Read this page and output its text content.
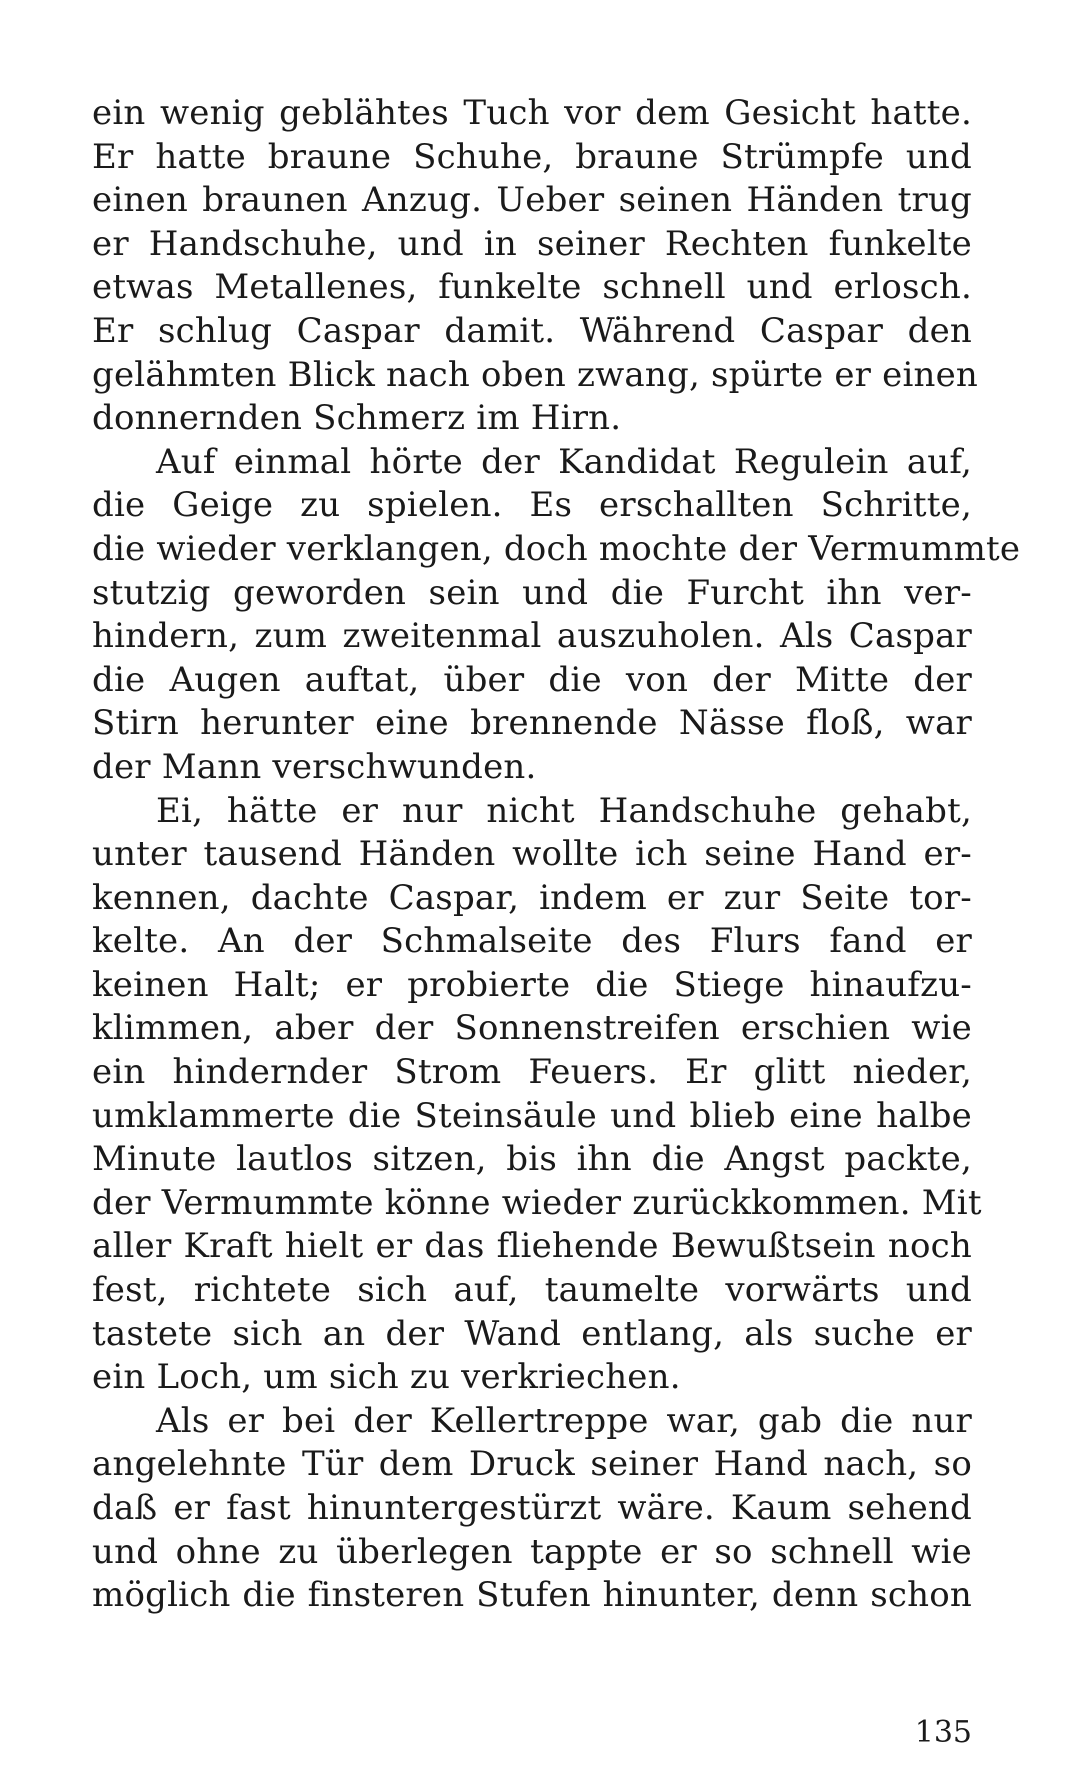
ein wenig geblähtes Tuch vor dem Gesicht hatte.
Er hatte braune Schuhe, braune Strümpfe und
einen braunen Anzug. Ueber seinen Händen trug
er Handschuhe, und in seiner Rechten funkelte
etwas Metallenes, funkelte schnell und erlosch.
Er schlug Caspar damit. Während Caspar den
gelähmten Blick nach oben zwang, spürte er einen
donnernden Schmerz im Hirn.
Auf einmal hörte der Kandidat Regulein auf,
die Geige zu spielen. Es erschallten Schritte,
die wieder verklangen, doch mochte der Vermummte
stutzig geworden sein und die Furcht ihn ver-
hindern, zum zweitenmal auszuholen. Als Caspar
die Augen auftat, über die von der Mitte der
Stirn herunter eine brennende Nässe floß, war
der Mann verschwunden.
Ei, hätte er nur nicht Handschuhe gehabt,
unter tausend Händen wollte ich seine Hand er-
kennen, dachte Caspar, indem er zur Seite tor-
kelte. An der Schmalseite des Flurs fand er
keinen Halt; er probierte die Stiege hinaufzu-
klimmen, aber der Sonnenstreifen erschien wie
ein hindernder Strom Feuers. Er glitt nieder,
umklammerte die Steinsäule und blieb eine halbe
Minute lautlos sitzen, bis ihn die Angst packte,
der Vermummte könne wieder zurückkommen. Mit
aller Kraft hielt er das fliehende Bewußtsein noch
fest, richtete sich auf, taumelte vorwärts und
tastete sich an der Wand entlang, als suche er
ein Loch, um sich zu verkriechen.
Als er bei der Kellertreppe war, gab die nur
angelehnte Tür dem Druck seiner Hand nach, so
daß er fast hinuntergestürzt wäre. Kaum sehend
und ohne zu überlegen tappte er so schnell wie
möglich die finsteren Stufen hinunter, denn schon
135
